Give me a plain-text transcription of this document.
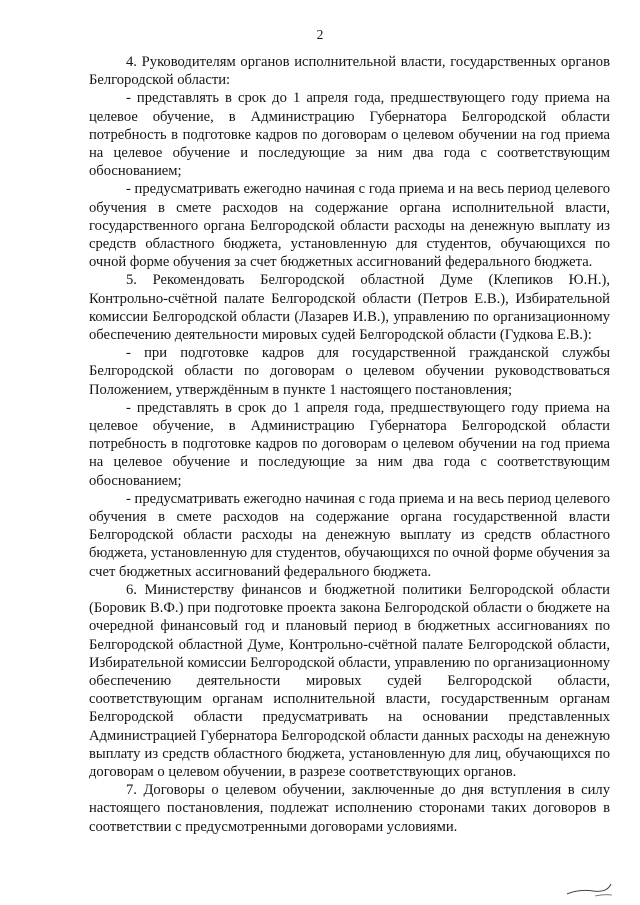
2

4. Руководителям органов исполнительной власти, государственных органов Белгородской области:

- представлять в срок до 1 апреля года, предшествующего году приема на целевое обучение, в Администрацию Губернатора Белгородской области потребность в подготовке кадров по договорам о целевом обучении на год приема на целевое обучение и последующие за ним два года с соответствующим обоснованием;

- предусматривать ежегодно начиная с года приема и на весь период целевого обучения в смете расходов на содержание органа исполнительной власти, государственного органа Белгородской области расходы на денежную выплату из средств областного бюджета, установленную для студентов, обучающихся по очной форме обучения за счет бюджетных ассигнований федерального бюджета.

5. Рекомендовать Белгородской областной Думе (Клепиков Ю.Н.), Контрольно-счётной палате Белгородской области (Петров Е.В.), Избирательной комиссии Белгородской области (Лазарев И.В.), управлению по организационному обеспечению деятельности мировых судей Белгородской области (Гудкова Е.В.):

- при подготовке кадров для государственной гражданской службы Белгородской области по договорам о целевом обучении руководствоваться Положением, утверждённым в пункте 1 настоящего постановления;

- представлять в срок до 1 апреля года, предшествующего году приема на целевое обучение, в Администрацию Губернатора Белгородской области потребность в подготовке кадров по договорам о целевом обучении на год приема на целевое обучение и последующие за ним два года с соответствующим обоснованием;

- предусматривать ежегодно начиная с года приема и на весь период целевого обучения в смете расходов на содержание органа государственной власти Белгородской области расходы на денежную выплату из средств областного бюджета, установленную для студентов, обучающихся по очной форме обучения за счет бюджетных ассигнований федерального бюджета.

6. Министерству финансов и бюджетной политики Белгородской области (Боровик В.Ф.) при подготовке проекта закона Белгородской области о бюджете на очередной финансовый год и плановый период в бюджетных ассигнованиях по Белгородской областной Думе, Контрольно-счётной палате Белгородской области, Избирательной комиссии Белгородской области, управлению по организационному обеспечению деятельности мировых судей Белгородской области, соответствующим органам исполнительной власти, государственным органам Белгородской области предусматривать на основании представленных Администрацией Губернатора Белгородской области данных расходы на денежную выплату из средств областного бюджета, установленную для лиц, обучающихся по договорам о целевом обучении, в разрезе соответствующих органов.

7. Договоры о целевом обучении, заключенные до дня вступления в силу настоящего постановления, подлежат исполнению сторонами таких договоров в соответствии с предусмотренными договорами условиями.
